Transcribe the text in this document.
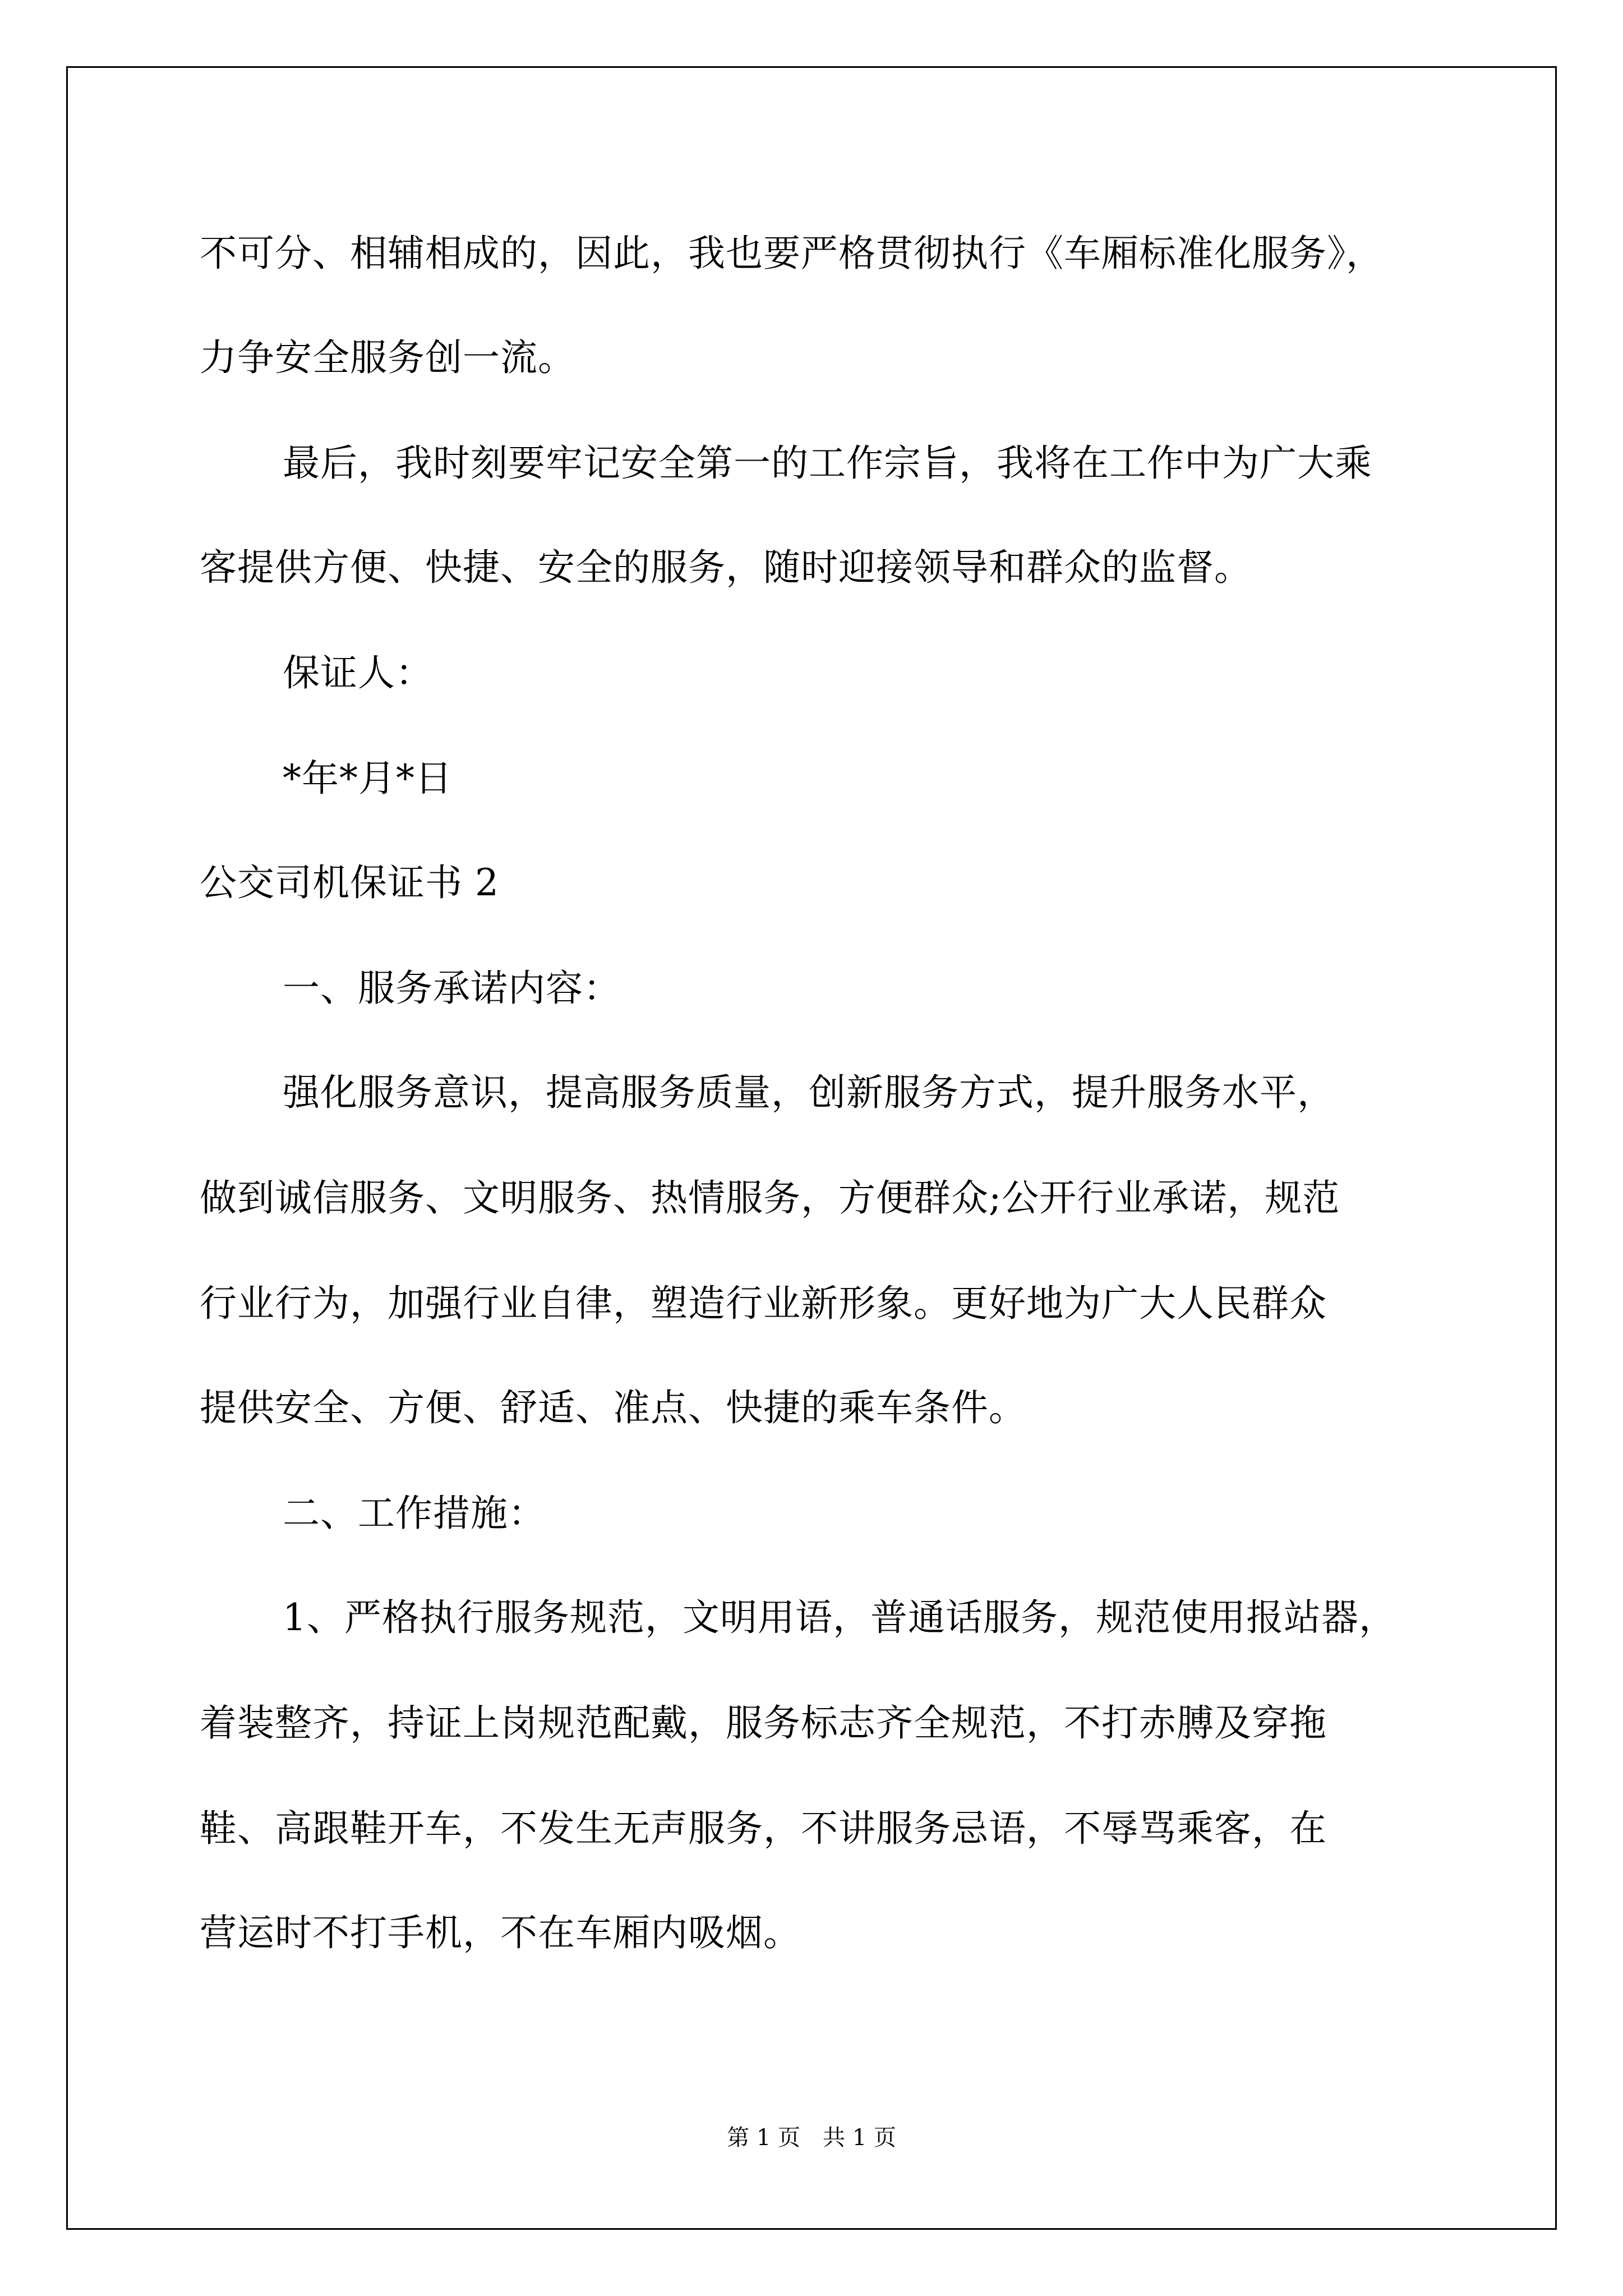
不可分、相辅相成的，因此，我也要严格贯彻执行《车厢标准化服务》，
力争安全服务创一流。
最后，我时刻要牢记安全第一的工作宗旨，我将在工作中为广大乘
客提供方便、快捷、安全的服务，随时迎接领导和群众的监督。
保证人：
*年*月*日
公交司机保证书 2
一、服务承诺内容：
强化服务意识，提高服务质量，创新服务方式，提升服务水平，
做到诚信服务、文明服务、热情服务，方便群众;公开行业承诺，规范
行业行为，加强行业自律，塑造行业新形象。更好地为广大人民群众
提供安全、方便、舒适、准点、快捷的乘车条件。
二、工作措施：
1、严格执行服务规范，文明用语，普通话服务，规范使用报站器，
着装整齐，持证上岗规范配戴，服务标志齐全规范，不打赤膊及穿拖
鞋、高跟鞋开车，不发生无声服务，不讲服务忌语，不辱骂乘客，在
营运时不打手机，不在车厢内吸烟。
第 1 页　共 1 页
